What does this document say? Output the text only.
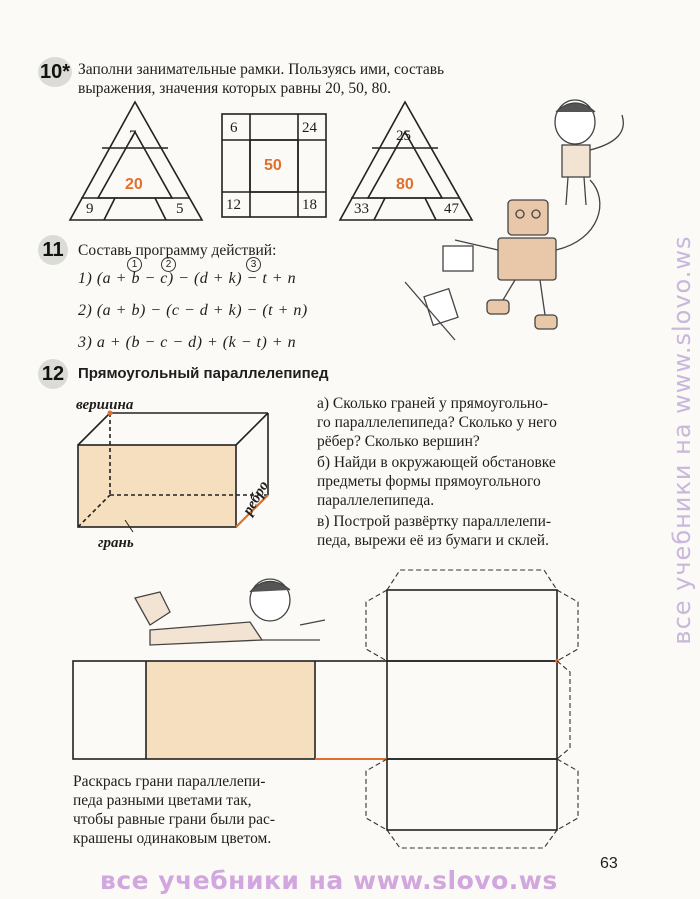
10* Заполни занимательные рамки. Пользуясь ими, составь
выражения, значения которых равны 20, 50, 80.
7
20
9	5
6	24
50
12	18
25
80
33	47
11 Составь программу действий:
1	2	3
1) (a + b − c) − (d + k) − t + n
2) (a + b) − (c − d + k) − (t + n)
3) a + (b − c − d) + (k − t) + n
12 Прямоугольный параллелепипед
вершина
грань
ребро
а) Сколько граней у прямоугольно-
го параллелепипеда? Сколько у него
рёбер? Сколько вершин?
б) Найди в окружающей обстановке
предметы формы прямоугольного
параллелепипеда.
в) Построй развёртку параллелепи-
педа, вырежи её из бумаги и склей.
Раскрась грани параллелепи-
педа разными цветами так,
чтобы равные грани были рас-
крашены одинаковым цветом.
63
все учебники на www.slovo.ws
все учебники на www.slovo.ws
